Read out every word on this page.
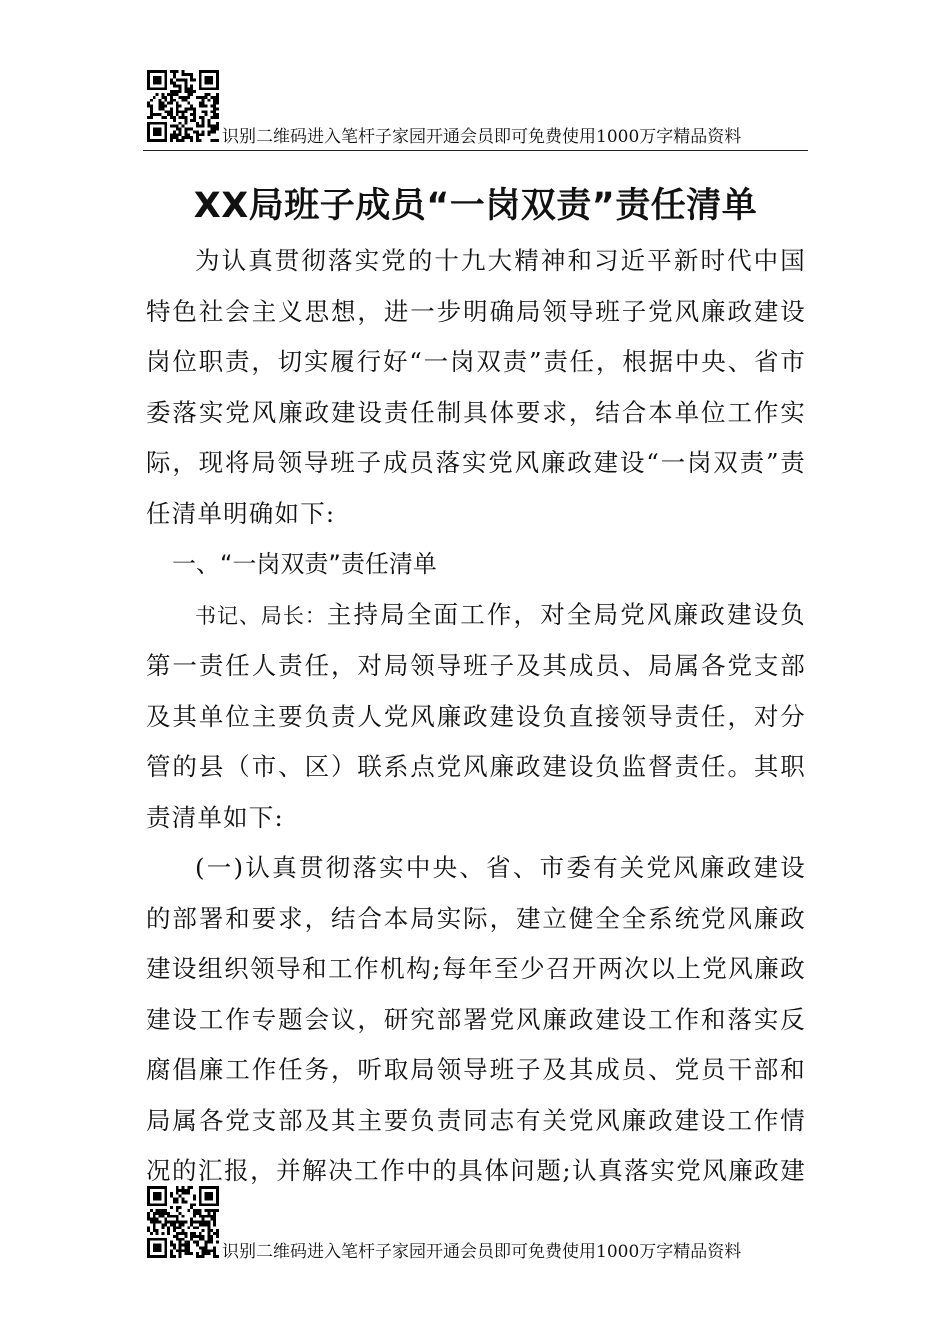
识别二维码进入笔杆子家园开通会员即可免费使用1000万字精品资料
XX局班子成员“一岗双责”责任清单

为认真贯彻落实党的十九大精神和习近平新时代中国特色社会主义思想，进一步明确局领导班子党风廉政建设岗位职责，切实履行好“一岗双责”责任，根据中央、省市委落实党风廉政建设责任制具体要求，结合本单位工作实际，现将局领导班子成员落实党风廉政建设“一岗双责”责任清单明确如下:

一、“一岗双责”责任清单

书记、局长：主持局全面工作，对全局党风廉政建设负第一责任人责任，对局领导班子及其成员、局属各党支部及其单位主要负责人党风廉政建设负直接领导责任，对分管的县（市、区）联系点党风廉政建设负监督责任。其职责清单如下:

(一)认真贯彻落实中央、省、市委有关党风廉政建设的部署和要求，结合本局实际，建立健全全系统党风廉政建设组织领导和工作机构;每年至少召开两次以上党风廉政建设工作专题会议，研究部署党风廉政建设工作和落实反腐倡廉工作任务，听取局领导班子及其成员、党员干部和局属各党支部及其主要负责同志有关党风廉政建设工作情况的汇报，并解决工作中的具体问题;认真落实党风廉政建

识别二维码进入笔杆子家园开通会员即可免费使用1000万字精品资料
